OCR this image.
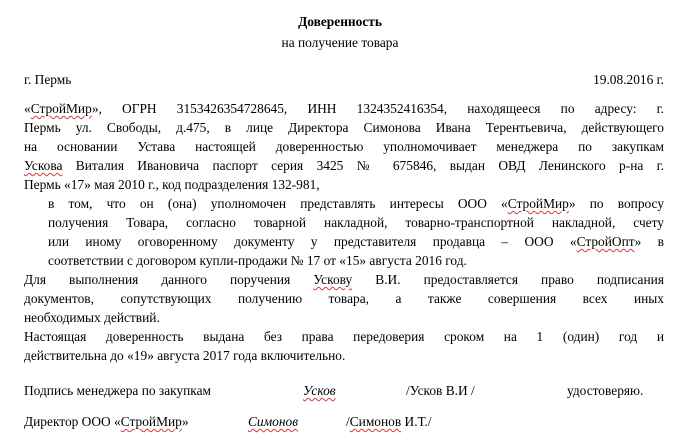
Доверенность
на получение товара
г. Пермь	19.08.2016 г.

«СтройМир», ОГРН 3153426354728645, ИНН 1324352416354, находящееся по адресу: г.

Пермь ул. Свободы, д.475, в лице Директора Симонова Ивана Терентьевича, действующего

на основании Устава настоящей доверенностью уполномочивает менеджера по закупкам

Ускова Виталия Ивановича паспорт серия 3425 № 675846, выдан ОВД Ленинского р-на г.

Пермь «17» мая 2010 г., код подразделения 132-981,

в том, что он (она) уполномочен представлять интересы ООО «СтройМир» по вопросу

получения Товара, согласно товарной накладной, товарно-транспортной накладной, счету

или иному оговоренному документу у представителя продавца – ООО «СтройОпт» в

соответствии с договором купли-продажи № 17 от «15» августа 2016 год.

Для выполнения данного поручения Ускову В.И. предоставляется право подписания

документов, сопутствующих получению товара, а также совершения всех иных

необходимых действий.

Настоящая доверенность выдана без права передоверия сроком на 1 (один) год и

действительна до «19» августа 2017 года включительно.

Подпись менеджера по закупкам	Усков	/Усков В.И /	удостоверяю.
Директор ООО «СтройМир»	Симонов	/Симонов И.Т./
